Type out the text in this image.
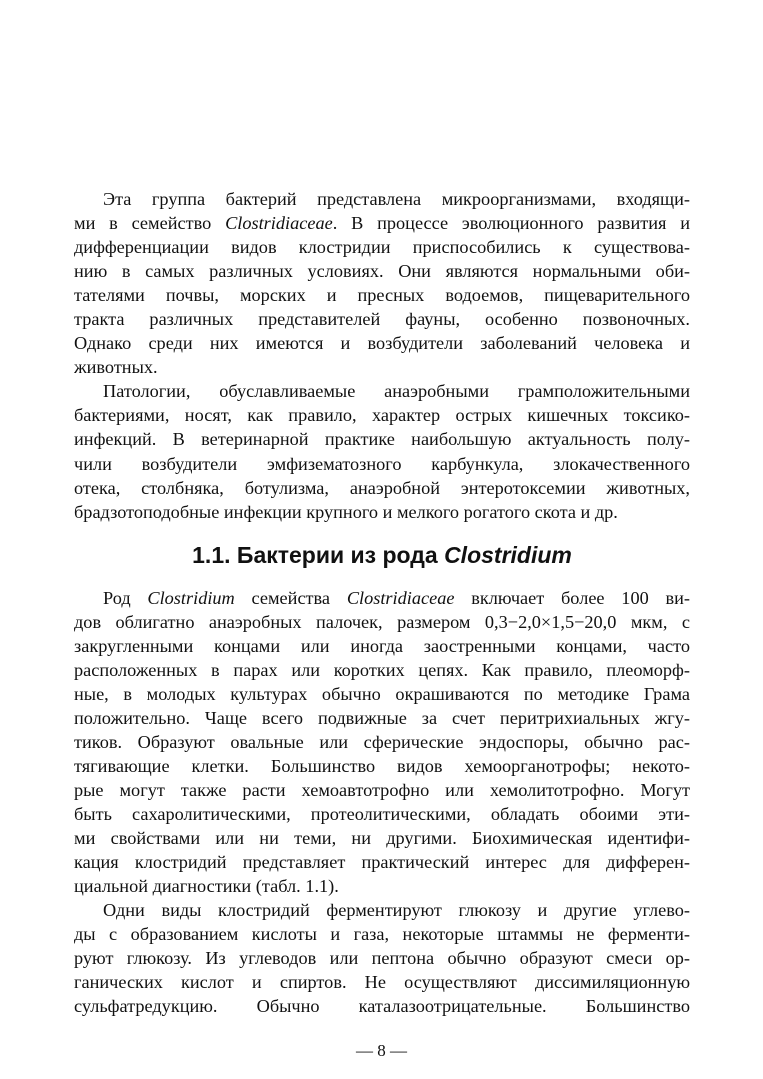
Эта группа бактерий представлена микроорганизмами, входящи-
ми в семейство Clostridiaceae. В процессе эволюционного развития и
дифференциации видов клостридии приспособились к существова-
нию в самых различных условиях. Они являются нормальными оби-
тателями почвы, морских и пресных водоемов, пищеварительного
тракта различных представителей фауны, особенно позвоночных.
Однако среди них имеются и возбудители заболеваний человека и
животных.
Патологии, обуславливаемые анаэробными грамположительными
бактериями, носят, как правило, характер острых кишечных токсико-
инфекций. В ветеринарной практике наибольшую актуальность полу-
чили возбудители эмфизематозного карбункула, злокачественного
отека, столбняка, ботулизма, анаэробной энтеротоксемии животных,
брадзотоподобные инфекции крупного и мелкого рогатого скота и др.
1.1. Бактерии из рода Clostridium
Род Clostridium семейства Clostridiaceae включает более 100 ви-
дов облигатно анаэробных палочек, размером 0,3−2,0×1,5−20,0 мкм, с
закругленными концами или иногда заостренными концами, часто
расположенных в парах или коротких цепях. Как правило, плеоморф-
ные, в молодых культурах обычно окрашиваются по методике Грама
положительно. Чаще всего подвижные за счет перитрихиальных жгу-
тиков. Образуют овальные или сферические эндоспоры, обычно рас-
тягивающие клетки. Большинство видов хемоорганотрофы; некото-
рые могут также расти хемоавтотрофно или хемолитотрофно. Могут
быть сахаролитическими, протеолитическими, обладать обоими эти-
ми свойствами или ни теми, ни другими. Биохимическая идентифи-
кация клостридий представляет практический интерес для дифферен-
циальной диагностики (табл. 1.1).
Одни виды клостридий ферментируют глюкозу и другие углево-
ды с образованием кислоты и газа, некоторые штаммы не ферменти-
руют глюкозу. Из углеводов или пептона обычно образуют смеси ор-
ганических кислот и спиртов. Не осуществляют диссимиляционную
сульфатредукцию. Обычно каталазоотрицательные. Большинство
— 8 —
